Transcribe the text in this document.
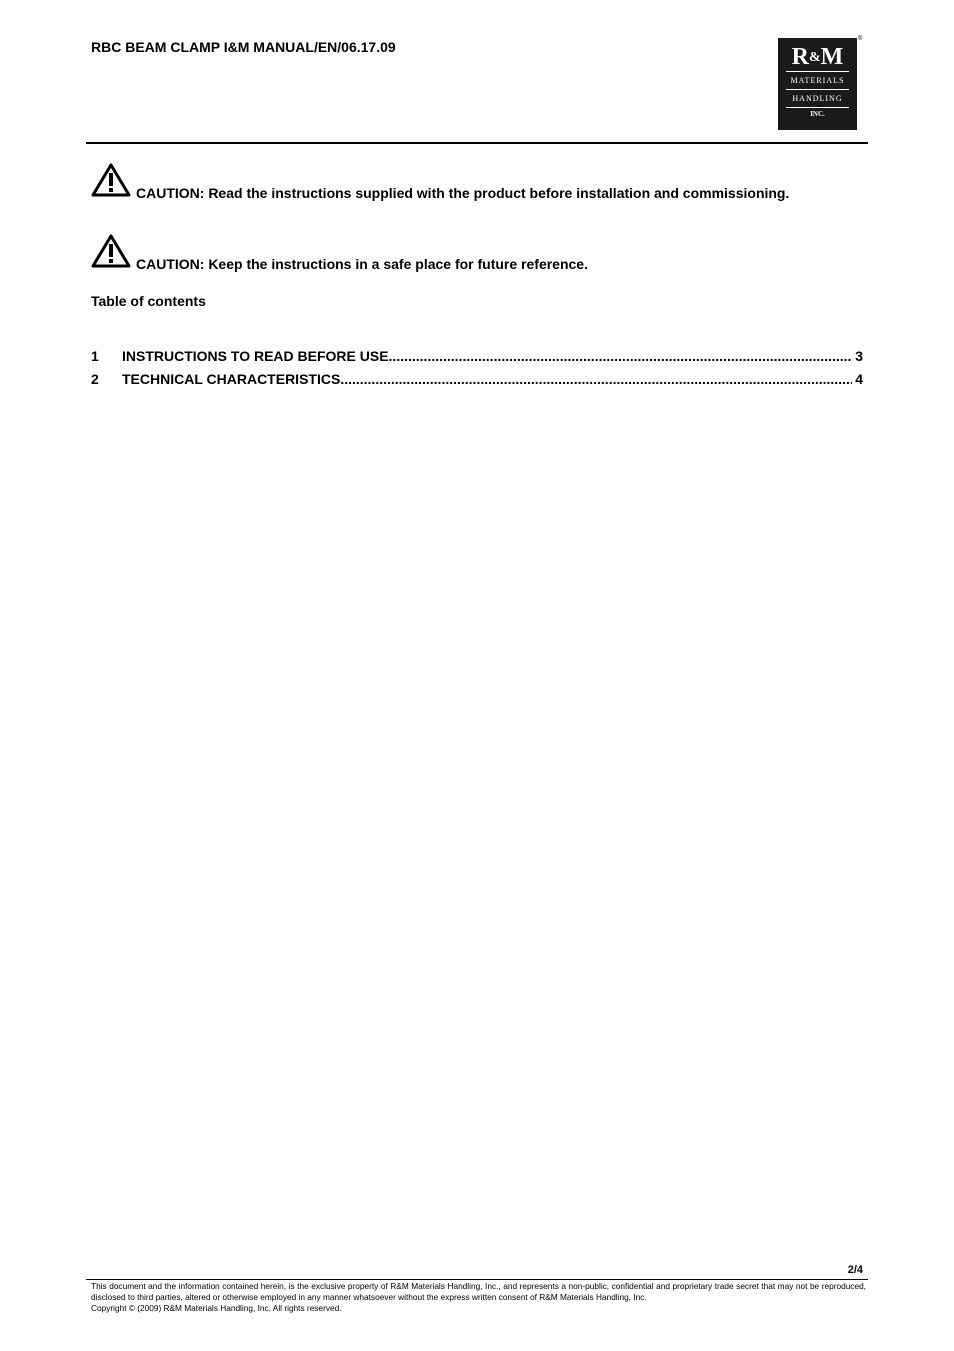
RBC BEAM CLAMP I&M MANUAL/EN/06.17.09	R&M
MATERIALS
HANDLING
INC.
®
CAUTION: Read the instructions supplied with the product before installation and commissioning.
CAUTION: Keep the instructions in a safe place for future reference.
Table of contents
1	INSTRUCTIONS TO READ BEFORE USE .....	3
2	TECHNICAL CHARACTERISTICS .....	4
2/4
This document and the information contained herein, is the exclusive property of R&M Materials Handling, Inc., and represents a non-public, confidential and proprietary trade secret that may not be reproduced, disclosed to third parties, altered or otherwise employed in any manner whatsoever without the express written consent of R&M Materials Handling, Inc.
Copyright © (2009) R&M Materials Handling, Inc. All rights reserved.
